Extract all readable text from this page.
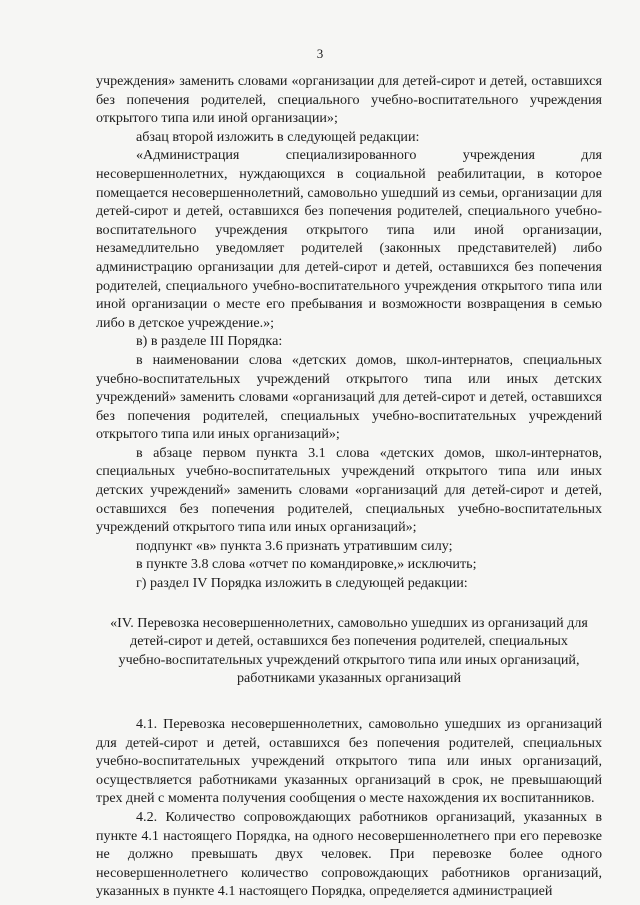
3

учреждения» заменить словами «организации для детей-сирот и детей, оставшихся без попечения родителей, специального учебно-воспитательного учреждения открытого типа или иной организации»;

абзац второй изложить в следующей редакции:

«Администрация специализированного учреждения для несовершеннолетних, нуждающихся в социальной реабилитации, в которое помещается несовершеннолетний, самовольно ушедший из семьи, организации для детей-сирот и детей, оставшихся без попечения родителей, специального учебно-воспитательного учреждения открытого типа или иной организации, незамедлительно уведомляет родителей (законных представителей) либо администрацию организации для детей-сирот и детей, оставшихся без попечения родителей, специального учебно-воспитательного учреждения открытого типа или иной организации о месте его пребывания и возможности возвращения в семью либо в детское учреждение.»;

в) в разделе III Порядка:

в наименовании слова «детских домов, школ-интернатов, специальных учебно-воспитательных учреждений открытого типа или иных детских учреждений» заменить словами «организаций для детей-сирот и детей, оставшихся без попечения родителей, специальных учебно-воспитательных учреждений открытого типа или иных организаций»;

в абзаце первом пункта 3.1 слова «детских домов, школ-интернатов, специальных учебно-воспитательных учреждений открытого типа или иных детских учреждений» заменить словами «организаций для детей-сирот и детей, оставшихся без попечения родителей, специальных учебно-воспитательных учреждений открытого типа или иных организаций»;

подпункт «в» пункта 3.6 признать утратившим силу;

в пункте 3.8 слова «отчет по командировке,» исключить;

г) раздел IV Порядка изложить в следующей редакции:

«IV. Перевозка несовершеннолетних, самовольно ушедших из организаций для детей-сирот и детей, оставшихся без попечения родителей, специальных учебно-воспитательных учреждений открытого типа или иных организаций, работниками указанных организаций

4.1. Перевозка несовершеннолетних, самовольно ушедших из организаций для детей-сирот и детей, оставшихся без попечения родителей, специальных учебно-воспитательных учреждений открытого типа или иных организаций, осуществляется работниками указанных организаций в срок, не превышающий трех дней с момента получения сообщения о месте нахождения их воспитанников.

4.2. Количество сопровождающих работников организаций, указанных в пункте 4.1 настоящего Порядка, на одного несовершеннолетнего при его перевозке не должно превышать двух человек. При перевозке более одного несовершеннолетнего количество сопровождающих работников организаций, указанных в пункте 4.1 настоящего Порядка, определяется администрацией
